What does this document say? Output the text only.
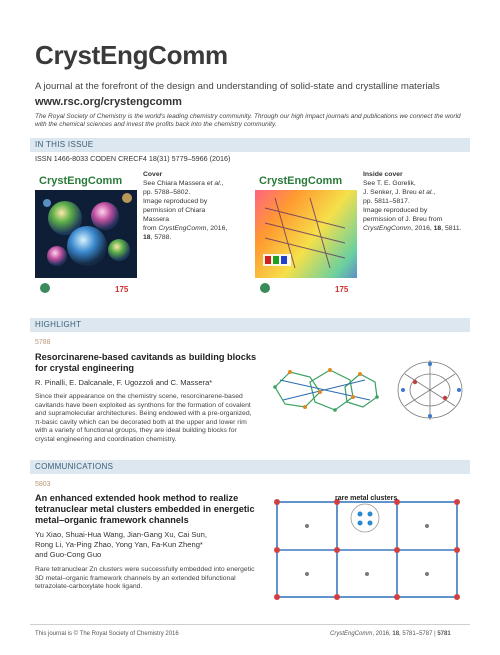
CrystEngComm
A journal at the forefront of the design and understanding of solid-state and crystalline materials
www.rsc.org/crystengcomm
The Royal Society of Chemistry is the world's leading chemistry community. Through our high impact journals and publications we connect the world with the chemical sciences and invest the profits back into the chemistry community.
IN THIS ISSUE
ISSN 1466-8033 CODEN CRECF4 18(31) 5779–5966 (2016)
CrystEngComm
175
Cover
See Chiara Massera et al.,
pp. 5788–5802.
Image reproduced by
permission of Chiara Massera
from CrystEngComm, 2016,
18, 5788.
CrystEngComm
175
Inside cover
See T. E. Gorelik,
J. Senker, J. Breu et al.,
pp. 5811–5817.
Image reproduced by
permission of J. Breu from
CrystEngComm, 2016, 18, 5811.
HIGHLIGHT
5788
Resorcinarene-based cavitands as building blocks
for crystal engineering
R. Pinalli, E. Dalcanale, F. Ugozzoli and C. Massera*
Since their appearance on the chemistry scene, resorcinarene-based cavitands have been exploited as synthons for the formation of covalent and supramolecular architectures. Being endowed with a pre-organized, π-basic cavity which can be decorated both at the upper and lower rim with a variety of functional groups, they are ideal building blocks for crystal engineering and coordination chemistry.
COMMUNICATIONS
5803
An enhanced extended hook method to realize
tetranuclear metal clusters embedded in energetic
metal–organic framework channels
Yu Xiao, Shuai-Hua Wang, Jian-Gang Xu, Cai Sun,
Rong Li, Ya-Ping Zhao, Yong Yan, Fa-Kun Zheng*
and Guo-Cong Guo
Rare tetranuclear Zn clusters were successfully embedded into energetic 3D metal–organic framework channels by an extended bifunctional tetrazolate-carboxylate hook ligand.
rare metal clusters
This journal is © The Royal Society of Chemistry 2016	CrystEngComm, 2016, 18, 5781–5787 | 5781
